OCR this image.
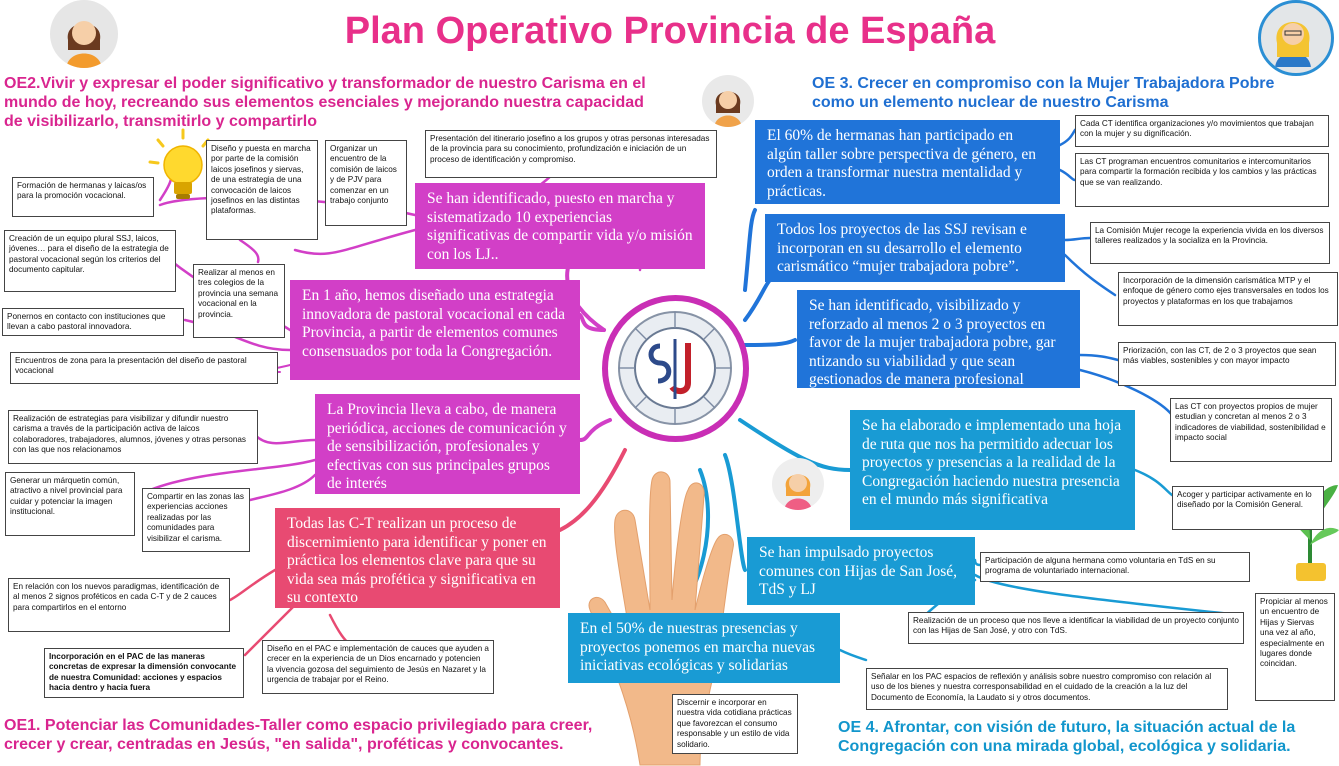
Plan Operativo Provincia de España
OE2.Vivir y expresar el poder significativo y transformador de nuestro Carisma en el mundo de hoy, recreando sus elementos esenciales y mejorando nuestra capacidad de visibilizarlo, transmitirlo y compartirlo
OE 3. Crecer en compromiso con la Mujer Trabajadora Pobre como un elemento nuclear de nuestro Carisma
OE1. Potenciar las Comunidades-Taller como espacio privilegiado para creer, crecer y crear, centradas en Jesús, "en salida", proféticas y convocantes.
OE 4. Afrontar, con visión de futuro, la situación actual de la Congregación con una mirada global, ecológica y solidaria.
Se han identificado, puesto en marcha y sistematizado 10 experiencias significativas de compartir vida y/o misión con los LJ..
En 1 año, hemos diseñado una estrategia innovadora de pastoral vocacional en cada Provincia, a partir de elementos comunes consensuados por toda la Congregación.
La Provincia lleva a cabo, de manera periódica, acciones de comunicación y de sensibilización, profesionales y efectivas con sus principales grupos de interés
Todas las C-T realizan un proceso de discernimiento para identificar y poner en práctica los elementos clave para que su vida sea más profética y significativa en su contexto
El 60% de hermanas han participado en algún taller sobre perspectiva de género, en orden a transformar nuestra mentalidad y prácticas.
Todos los proyectos de las SSJ revisan e incorporan en su desarrollo el elemento carismático “mujer trabajadora pobre”.
Se han identificado, visibilizado y reforzado al menos 2 o 3 proyectos en favor de la mujer trabajadora pobre, gar ntizando su viabilidad y que sean gestionados de manera profesional
Se ha elaborado e implementado una hoja de ruta que nos ha permitido adecuar los proyectos y presencias a la realidad de la Congregación haciendo nuestra presencia en el mundo más significativa
Se han impulsado proyectos comunes con Hijas de San José, TdS y LJ
En el 50% de nuestras presencias y proyectos ponemos en marcha nuevas iniciativas ecológicas y solidarias
Diseño y puesta en marcha por parte de la comisión laicos josefinos y siervas, de una estrategia de una convocación de laicos josefinos en las distintas plataformas.
Organizar un encuentro de la comisión de laicos y de PJV para comenzar en un trabajo conjunto
Presentación del itinerario josefino a los grupos y otras personas interesadas de la provincia para su conocimiento, profundización e iniciación de un proceso de identificación y compromiso.
Formación de hermanas y laicas/os para la promoción vocacional.
Creación de un equipo plural SSJ, laicos, jóvenes… para el diseño de la estrategia de pastoral vocacional según los criterios del documento capitular.	Realizar al menos en tres colegios de la provincia una semana vocacional en la provincia.
Ponernos en contacto con instituciones que llevan a cabo pastoral innovadora.
Encuentros de zona para la presentación del diseño de pastoral vocacional
Realización de estrategias para visibilizar y difundir nuestro carisma a través de la participación activa de laicos colaboradores, trabajadores, alumnos, jóvenes y otras personas con las que nos relacionamos
Generar un márquetin común, atractivo a nivel provincial para cuidar y potenciar la imagen institucional.
Compartir en las zonas las experiencias acciones realizadas por las comunidades para visibilizar el carisma.
En relación con los nuevos paradigmas, identificación de al menos 2 signos proféticos en cada C-T y de 2 cauces para compartirlos en el entorno
Incorporación en el PAC de las maneras concretas de expresar la dimensión convocante de nuestra Comunidad: acciones y espacios hacia dentro y hacia fuera
Diseño en el PAC e implementación de cauces que ayuden a crecer en la experiencia de un Dios encarnado y potencien la vivencia gozosa del seguimiento de Jesús en Nazaret y la urgencia de trabajar por el Reino.
Cada CT identifica organizaciones y/o movimientos que trabajan con la mujer y su dignificación.
Las CT programan encuentros comunitarios e intercomunitarios para compartir la formación recibida y los cambios y las prácticas que se van realizando.
La Comisión Mujer recoge la experiencia vivida en los diversos talleres realizados y la socializa en la Provincia.
Incorporación de la dimensión carismática MTP y el enfoque de género como ejes transversales en todos los proyectos y plataformas en los que trabajamos
Priorización, con las CT, de 2 o 3 proyectos que sean más viables, sostenibles y con mayor impacto
Las CT con proyectos propios de mujer estudian y concretan al menos 2 o 3 indicadores de viabilidad, sostenibilidad e impacto social
Acoger y participar activamente en lo diseñado por la Comisión General.
Participación de alguna hermana como voluntaria en TdS en su programa de voluntariado internacional.
Propiciar al menos un encuentro de Hijas y Siervas una vez al año, especialmente en lugares donde coincidan.
Realización de un proceso que nos lleve a identificar la viabilidad de un proyecto conjunto con las Hijas de San José, y otro con TdS.
Señalar en los PAC espacios de reflexión y análisis sobre nuestro compromiso con relación al uso de los bienes y nuestra corresponsabilidad en el cuidado de la creación a la luz del Documento de Economía, la Laudato si y otros documentos.
Discernir e incorporar en nuestra vida cotidiana prácticas que favorezcan el consumo responsable y un estilo de vida solidario.
